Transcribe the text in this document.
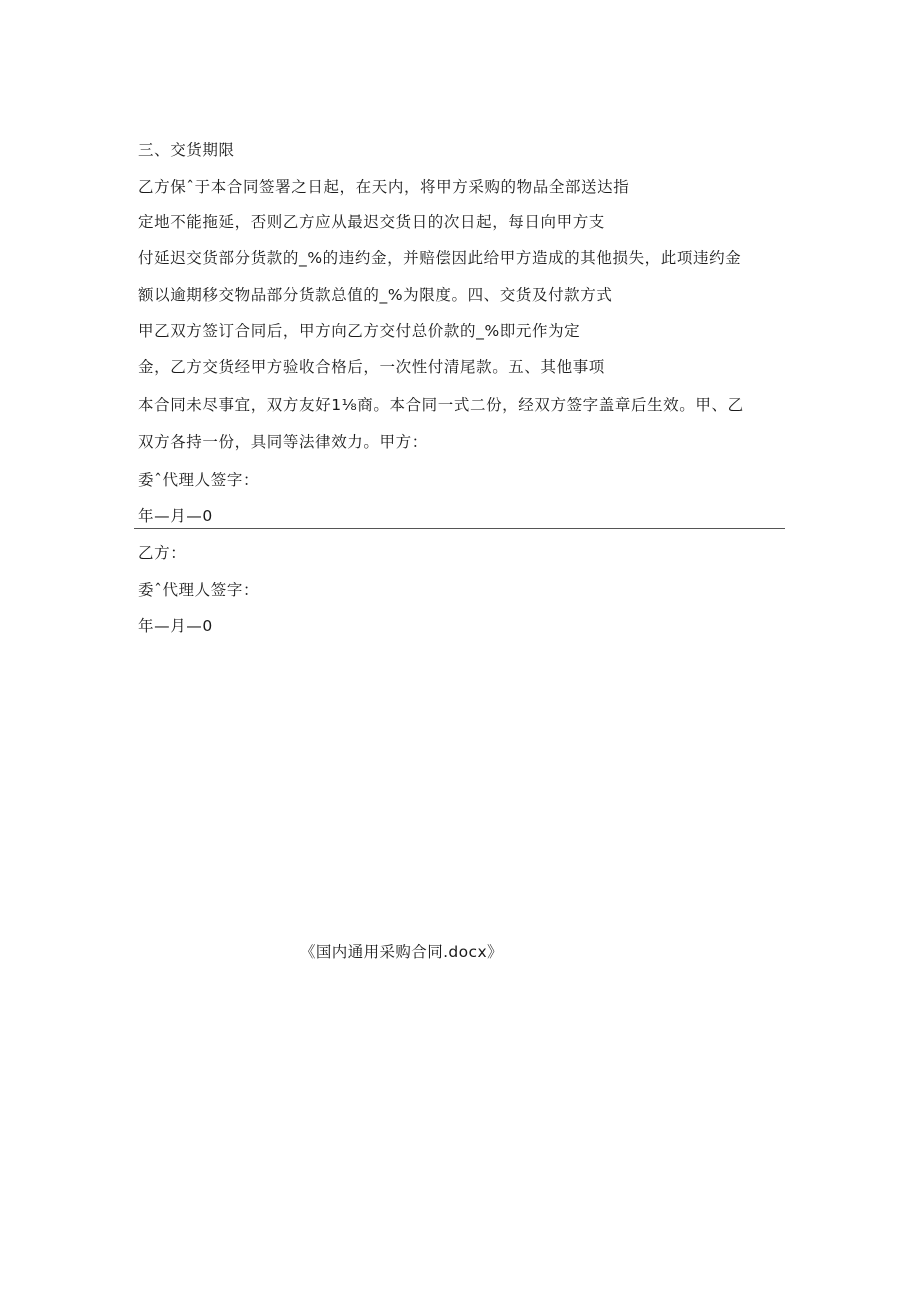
三、交货期限
乙方保ˆ于本合同签署之日起，在天内，将甲方采购的物品全部送达指
定地不能拖延，否则乙方应从最迟交货日的次日起，每日向甲方支
付延迟交货部分货款的_%的违约金，并赔偿因此给甲方造成的其他损失，此项违约金
额以逾期移交物品部分货款总值的_%为限度。四、交货及付款方式
甲乙双方签订合同后，甲方向乙方交付总价款的_%即元作为定
金，乙方交货经甲方验收合格后，一次性付清尾款。五、其他事项
本合同未尽事宜，双方友好1⅛商。本合同一式二份，经双方签字盖章后生效。甲、乙
双方各持一份，具同等法律效力。甲方：
委ˆ代理人签字：
年—月—0
乙方：
委ˆ代理人签字：
年—月—0
《国内通用采购合同.docx》
